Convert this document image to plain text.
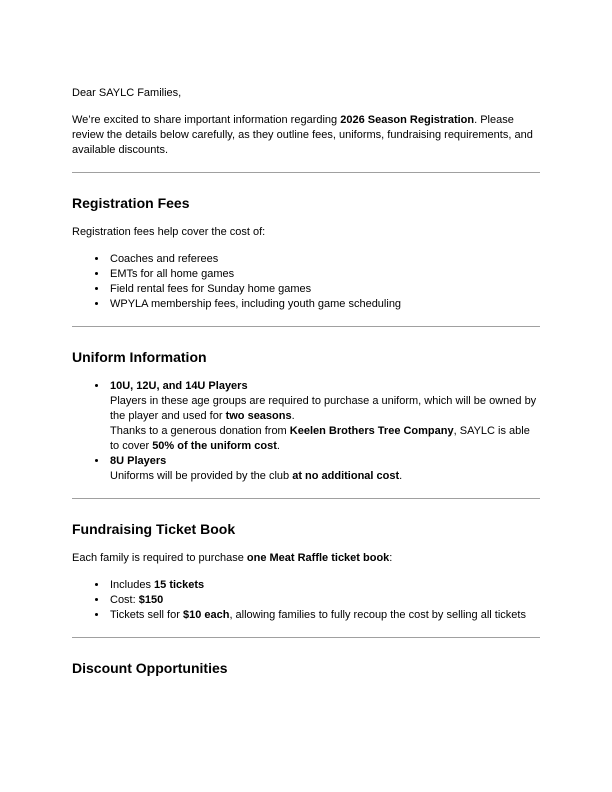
Dear SAYLC Families,

We’re excited to share important information regarding 2026 Season Registration. Please review the details below carefully, as they outline fees, uniforms, fundraising requirements, and available discounts.

Registration Fees

Registration fees help cover the cost of:

• Coaches and referees
• EMTs for all home games
• Field rental fees for Sunday home games
• WPYLA membership fees, including youth game scheduling
Uniform Information
• 10U, 12U, and 14U Players
Players in these age groups are required to purchase a uniform, which will be owned by the player and used for two seasons.
Thanks to a generous donation from Keelen Brothers Tree Company, SAYLC is able to cover 50% of the uniform cost.
• 8U Players
Uniforms will be provided by the club at no additional cost.
Fundraising Ticket Book

Each family is required to purchase one Meat Raffle ticket book:

• Includes 15 tickets
• Cost: $150
• Tickets sell for $10 each, allowing families to fully recoup the cost by selling all tickets
Discount Opportunities
